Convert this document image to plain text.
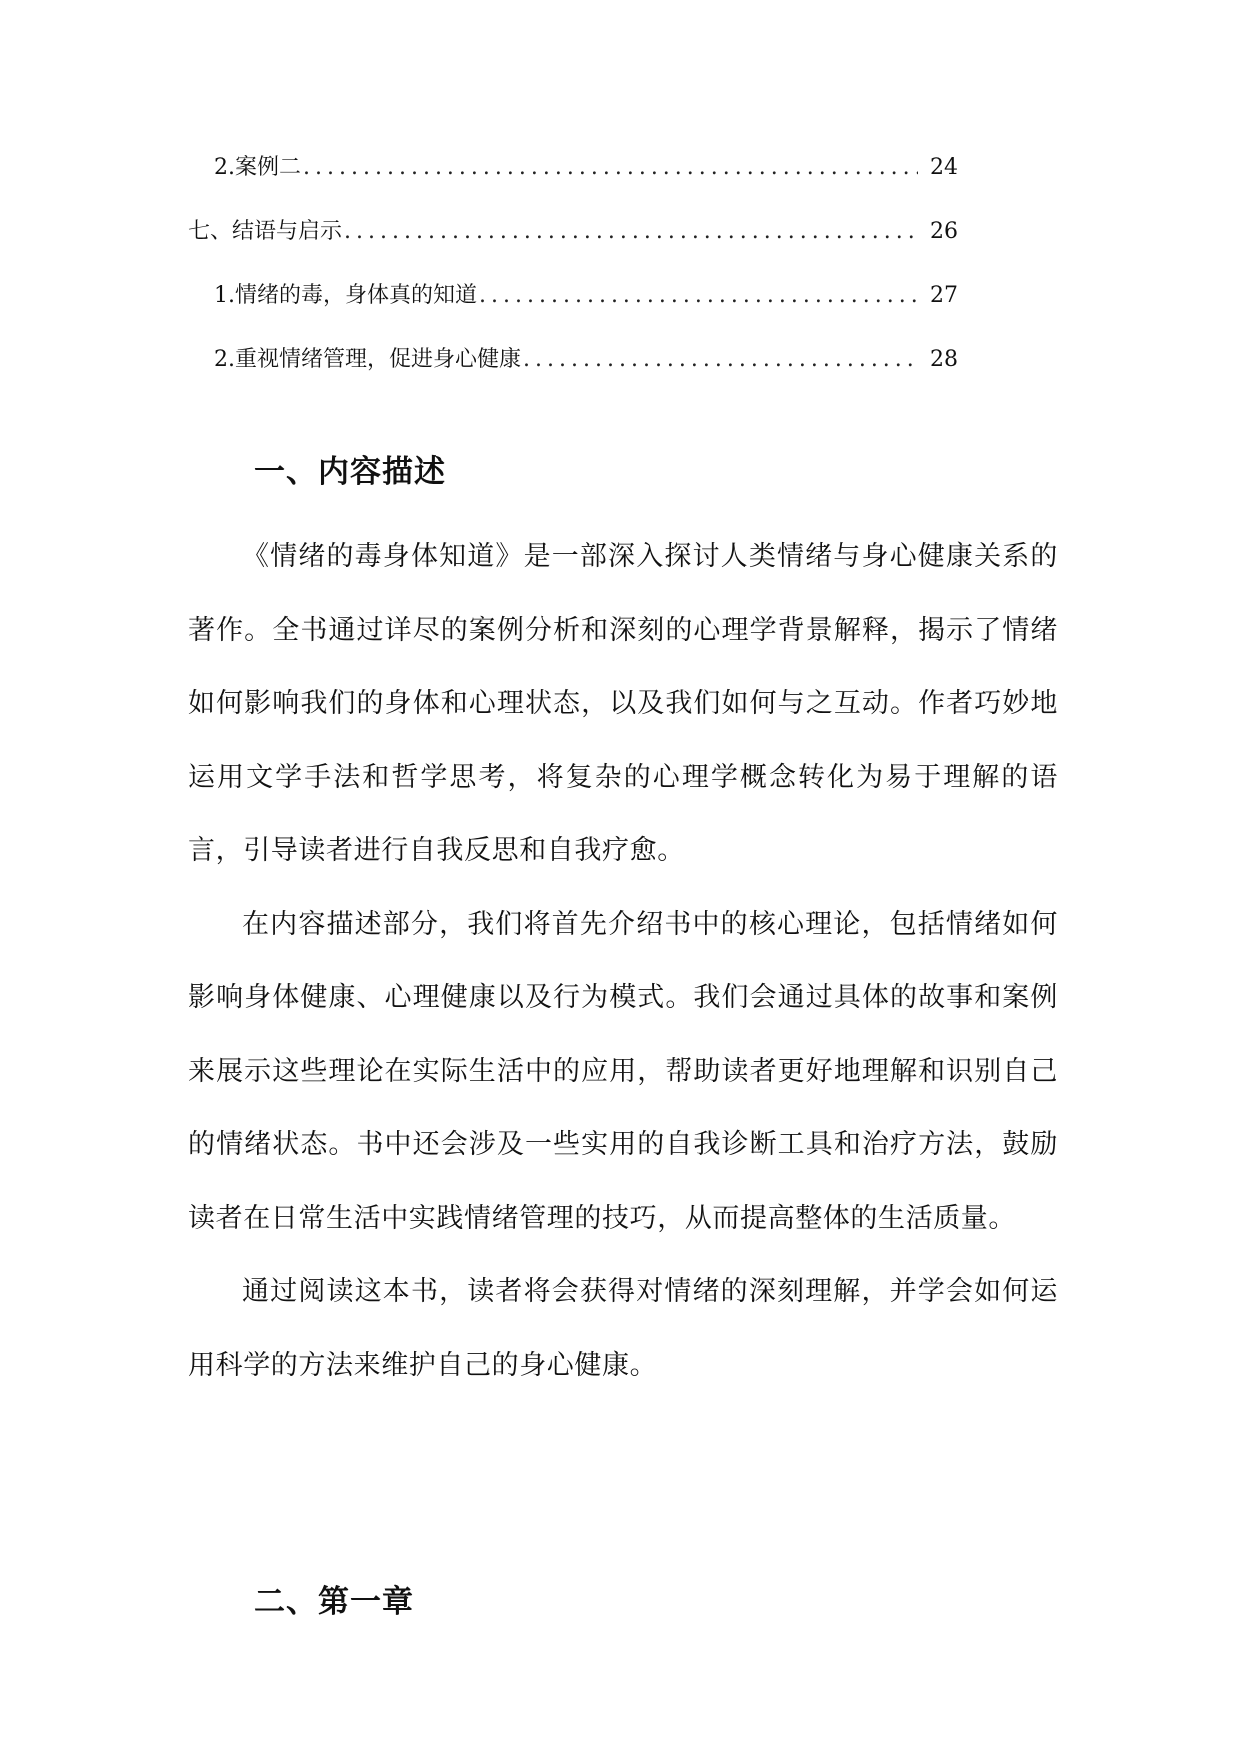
2. 案例二 .....	24
七、结语与启示 .....	26
1. 情绪的毒，身体真的知道 .....	27
2. 重视情绪管理，促进身心健康 .....	28
一、内容描述

《情绪的毒身体知道》是一部深入探讨人类情绪与身心健康关系的著作。全书通过详尽的案例分析和深刻的心理学背景解释，揭示了情绪如何影响我们的身体和心理状态，以及我们如何与之互动。作者巧妙地运用文学手法和哲学思考，将复杂的心理学概念转化为易于理解的语言，引导读者进行自我反思和自我疗愈。

在内容描述部分，我们将首先介绍书中的核心理论，包括情绪如何影响身体健康、心理健康以及行为模式。我们会通过具体的故事和案例来展示这些理论在实际生活中的应用，帮助读者更好地理解和识别自己的情绪状态。书中还会涉及一些实用的自我诊断工具和治疗方法，鼓励读者在日常生活中实践情绪管理的技巧，从而提高整体的生活质量。

通过阅读这本书，读者将会获得对情绪的深刻理解，并学会如何运用科学的方法来维护自己的身心健康。

二、第一章
